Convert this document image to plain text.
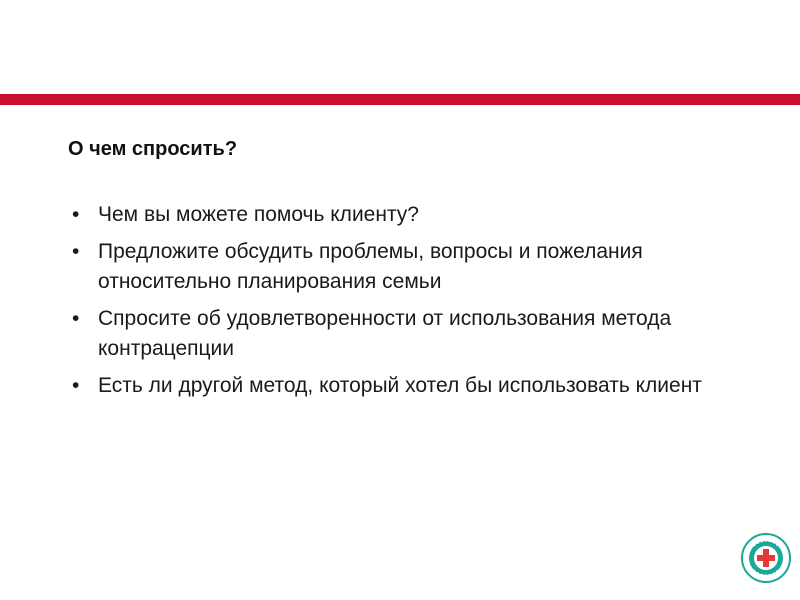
О чем спросить?
• Чем вы можете помочь клиенту?
• Предложите обсудить проблемы, вопросы и пожелания относительно планирования семьи
• Спросите об удовлетворенности от использования метода контрацепции
• Есть ли другой метод, который хотел бы использовать клиент
